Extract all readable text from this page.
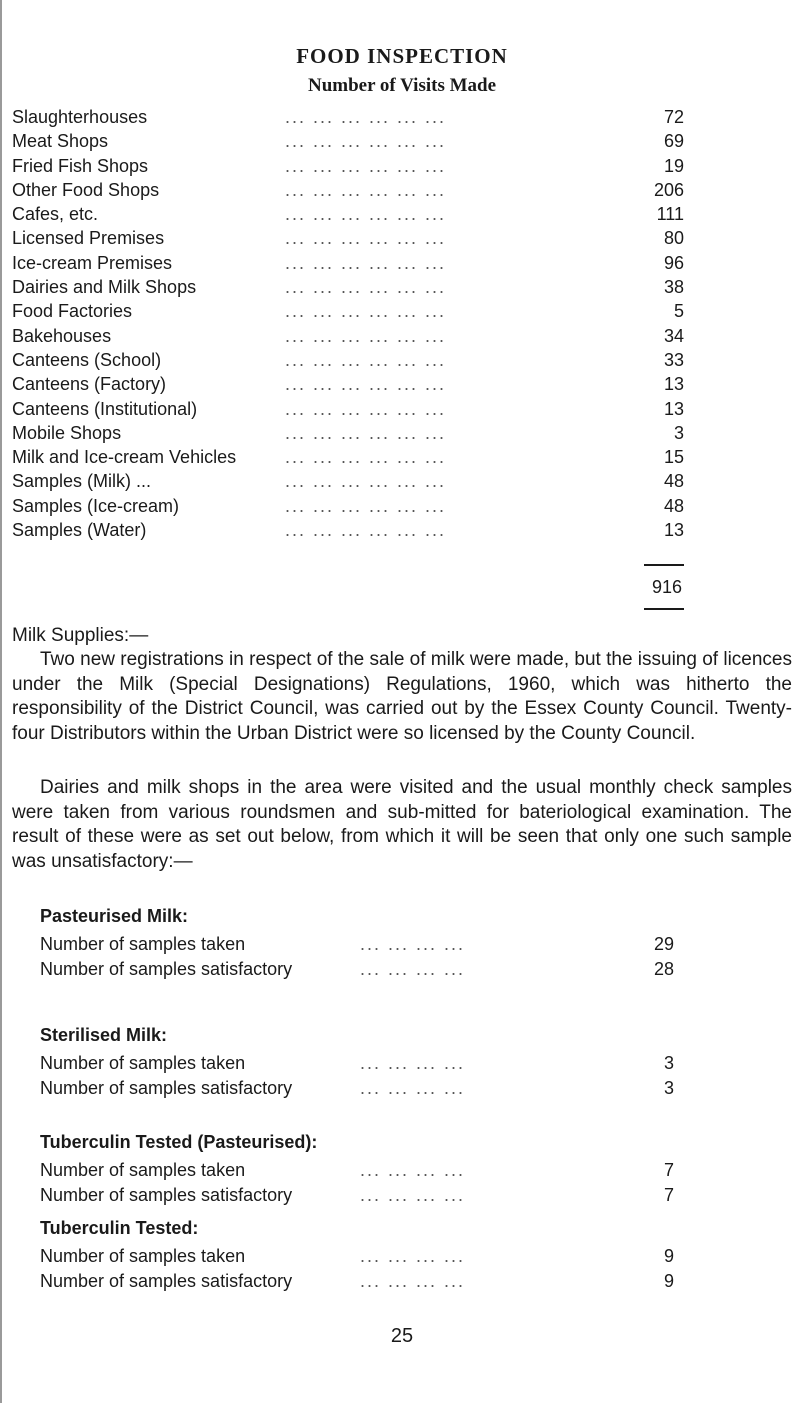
FOOD INSPECTION
Number of Visits Made
Slaughterhouses	... ... ... ... ... ...	72
Meat Shops	... ... ... ... ... ...	69
Fried Fish Shops	... ... ... ... ... ...	19
Other Food Shops	... ... ... ... ... ...	206
Cafes, etc.	... ... ... ... ... ...	111
Licensed Premises	... ... ... ... ... ...	80
Ice-cream Premises	... ... ... ... ... ...	96
Dairies and Milk Shops	... ... ... ... ... ...	38
Food Factories	... ... ... ... ... ...	5
Bakehouses	... ... ... ... ... ...	34
Canteens (School)	... ... ... ... ... ...	33
Canteens (Factory)	... ... ... ... ... ...	13
Canteens (Institutional)	... ... ... ... ... ...	13
Mobile Shops	... ... ... ... ... ...	3
Milk and Ice-cream Vehicles	... ... ... ... ... ...	15
Samples (Milk) ...	... ... ... ... ... ...	48
Samples (Ice-cream)	... ... ... ... ... ...	48
Samples (Water)	... ... ... ... ... ...	13
916
Milk Supplies:—
Two new registrations in respect of the sale of milk were made, but the issuing of licences under the Milk (Special Designations) Regulations, 1960, which was hitherto the responsibility of the District Council, was carried out by the Essex County Council. Twenty-four Distributors within the Urban District were so licensed by the County Council.
Dairies and milk shops in the area were visited and the usual monthly check samples were taken from various roundsmen and sub-mitted for bateriological examination. The result of these were as set out below, from which it will be seen that only one such sample was unsatisfactory:—
Pasteurised Milk:
Number of samples taken	... ... ... ...	29
Number of samples satisfactory	... ... ... ...	28
Sterilised Milk:
Number of samples taken	... ... ... ...	3
Number of samples satisfactory	... ... ... ...	3
Tuberculin Tested (Pasteurised):
Number of samples taken	... ... ... ...	7
Number of samples satisfactory	... ... ... ...	7
Tuberculin Tested:
Number of samples taken	... ... ... ...	9
Number of samples satisfactory	... ... ... ...	9
25
